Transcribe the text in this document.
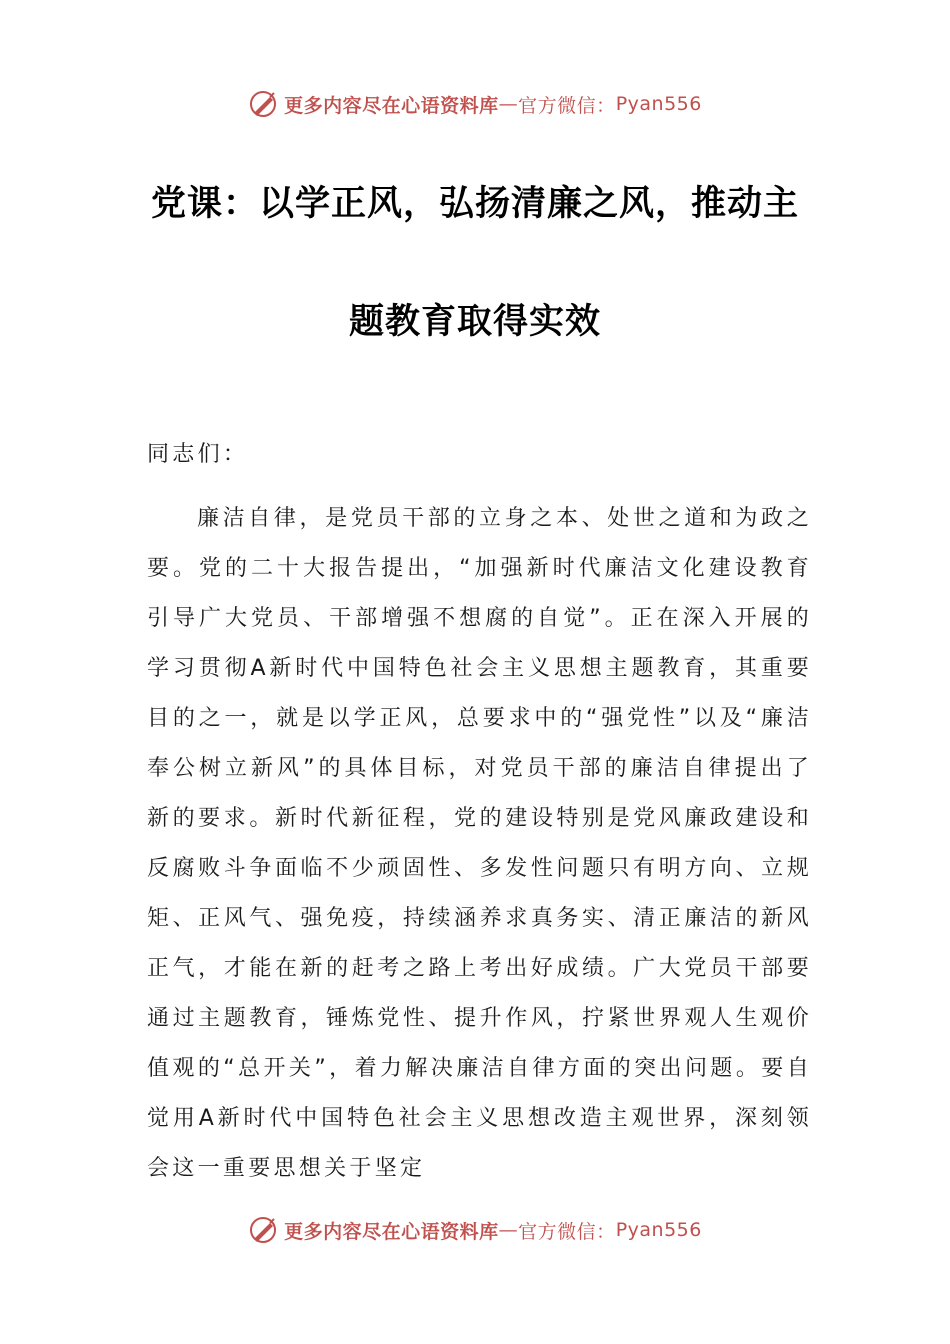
更多内容尽在心语资料库 — 官方微信： Pyan556
党课：以学正风，弘扬清廉之风，推动主
题教育取得实效

同志们：

廉洁自律，是党员干部的立身之本、处世之道和为政之要。党的二十大报告提出，“加强新时代廉洁文化建设教育引导广大党员、干部增强不想腐的自觉”。正在深入开展的学习贯彻A新时代中国特色社会主义思想主题教育，其重要目的之一，就是以学正风，总要求中的“强党性”以及“廉洁奉公树立新风”的具体目标，对党员干部的廉洁自律提出了新的要求。新时代新征程，党的建设特别是党风廉政建设和反腐败斗争面临不少顽固性、多发性问题只有明方向、立规矩、正风气、强免疫，持续涵养求真务实、清正廉洁的新风正气，才能在新的赶考之路上考出好成绩。广大党员干部要通过主题教育，锤炼党性、提升作风，拧紧世界观人生观价值观的“总开关”，着力解决廉洁自律方面的突出问题。要自觉用A新时代中国特色社会主义思想改造主观世界，深刻领会这一重要思想关于坚定

更多内容尽在心语资料库 — 官方微信： Pyan556
